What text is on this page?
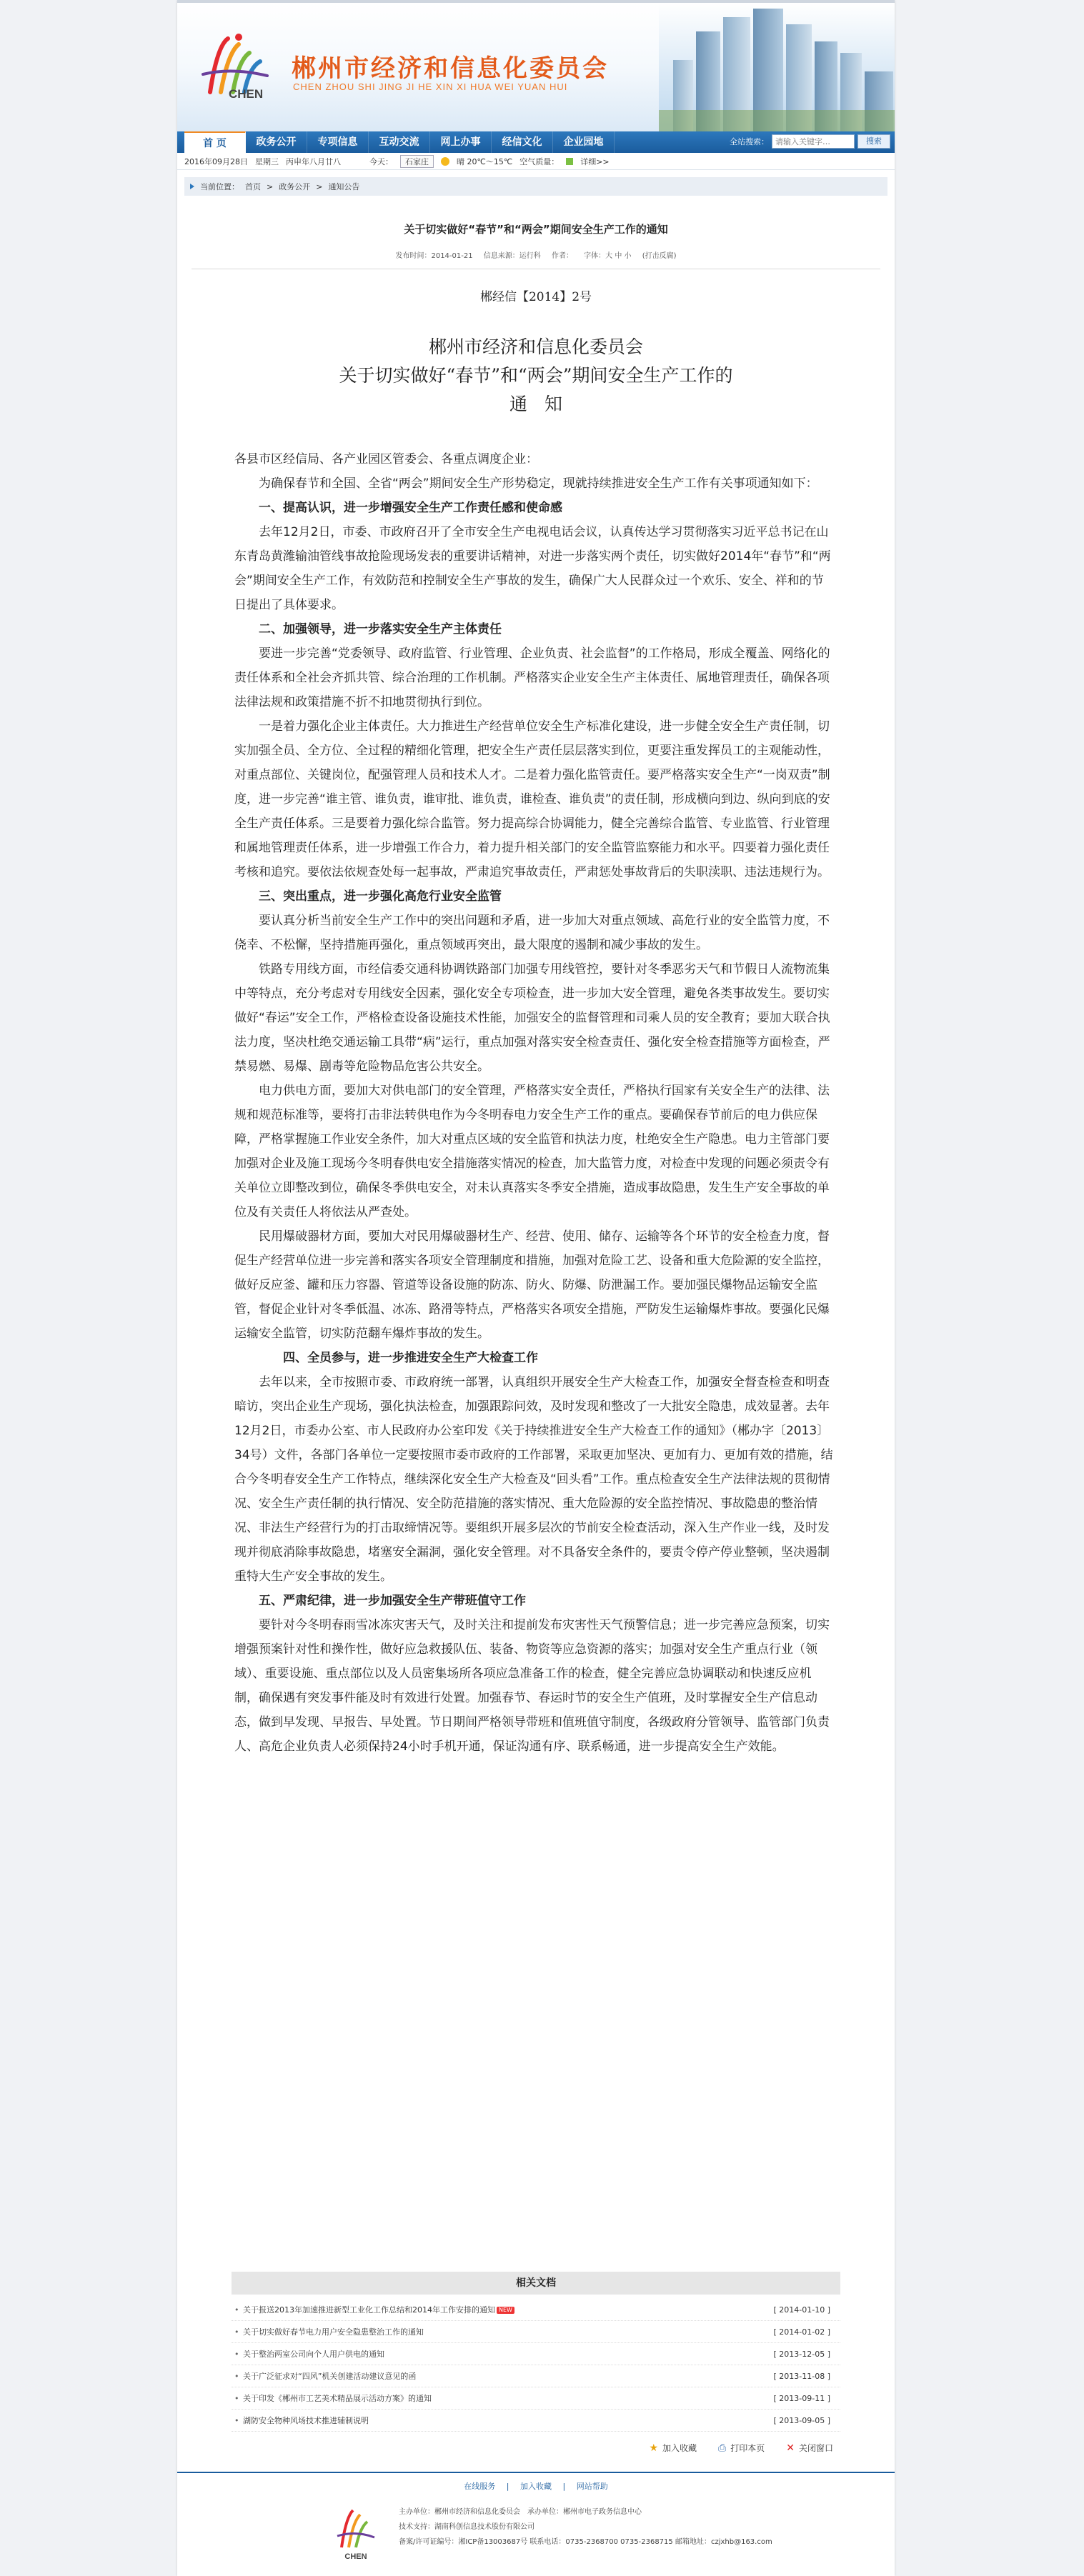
CHEN
郴州市经济和信息化委员会
CHEN ZHOU SHI JING JI HE XIN XI HUA WEI YUAN HUI
首 页	政务公开	专项信息	互动交流	网上办事	经信文化	企业园地	全站搜索：
请输入关键字…	搜索
2016年09月28日 星期三 丙申年八月廿八	今天：	石家庄	晴 20℃～15℃ 空气质量：	详细>>
当前位置： 首页 > 政务公开 > 通知公告
关于切实做好“春节”和“两会”期间安全生产工作的通知
发布时间：2014-01-21 信息来源：运行科 作者： 字体：大 中 小 (打击反腐)
郴经信【2014】2号
郴州市经济和信息化委员会
关于切实做好“春节”和“两会”期间安全生产工作的
通知

各县市区经信局、各产业园区管委会、各重点调度企业：

为确保春节和全国、全省“两会”期间安全生产形势稳定，现就持续推进安全生产工作有关事项通知如下：

一、提高认识，进一步增强安全生产工作责任感和使命感

去年12月2日，市委、市政府召开了全市安全生产电视电话会议，认真传达学习贯彻落实习近平总书记在山东青岛黄潍输油管线事故抢险现场发表的重要讲话精神，对进一步落实两个责任，切实做好2014年“春节”和“两会”期间安全生产工作，有效防范和控制安全生产事故的发生，确保广大人民群众过一个欢乐、安全、祥和的节日提出了具体要求。

二、加强领导，进一步落实安全生产主体责任

要进一步完善“党委领导、政府监管、行业管理、企业负责、社会监督”的工作格局，形成全覆盖、网络化的责任体系和全社会齐抓共管、综合治理的工作机制。严格落实企业安全生产主体责任、属地管理责任，确保各项法律法规和政策措施不折不扣地贯彻执行到位。

一是着力强化企业主体责任。大力推进生产经营单位安全生产标准化建设，进一步健全安全生产责任制，切实加强全员、全方位、全过程的精细化管理，把安全生产责任层层落实到位，更要注重发挥员工的主观能动性，对重点部位、关键岗位，配强管理人员和技术人才。二是着力强化监管责任。要严格落实安全生产“一岗双责”制度，进一步完善“谁主管、谁负责，谁审批、谁负责，谁检查、谁负责”的责任制，形成横向到边、纵向到底的安全生产责任体系。三是要着力强化综合监管。努力提高综合协调能力，健全完善综合监管、专业监管、行业管理和属地管理责任体系，进一步增强工作合力，着力提升相关部门的安全监管监察能力和水平。四要着力强化责任考核和追究。要依法依规查处每一起事故，严肃追究事故责任，严肃惩处事故背后的失职渎职、违法违规行为。

三、突出重点，进一步强化高危行业安全监管

要认真分析当前安全生产工作中的突出问题和矛盾，进一步加大对重点领域、高危行业的安全监管力度，不侥幸、不松懈，坚持措施再强化，重点领域再突出，最大限度的遏制和减少事故的发生。

铁路专用线方面，市经信委交通科协调铁路部门加强专用线管控，要针对冬季恶劣天气和节假日人流物流集中等特点，充分考虑对专用线安全因素，强化安全专项检查，进一步加大安全管理，避免各类事故发生。要切实做好“春运”安全工作，严格检查设备设施技术性能，加强安全的监督管理和司乘人员的安全教育；要加大联合执法力度，坚决杜绝交通运输工具带“病”运行，重点加强对落实安全检查责任、强化安全检查措施等方面检查，严禁易燃、易爆、剧毒等危险物品危害公共安全。

电力供电方面，要加大对供电部门的安全管理，严格落实安全责任，严格执行国家有关安全生产的法律、法规和规范标准等，要将打击非法转供电作为今冬明春电力安全生产工作的重点。要确保春节前后的电力供应保障，严格掌握施工作业安全条件，加大对重点区域的安全监管和执法力度，杜绝安全生产隐患。电力主管部门要加强对企业及施工现场今冬明春供电安全措施落实情况的检查，加大监管力度，对检查中发现的问题必须责令有关单位立即整改到位，确保冬季供电安全，对未认真落实冬季安全措施，造成事故隐患，发生生产安全事故的单位及有关责任人将依法从严查处。

民用爆破器材方面，要加大对民用爆破器材生产、经营、使用、储存、运输等各个环节的安全检查力度，督促生产经营单位进一步完善和落实各项安全管理制度和措施，加强对危险工艺、设备和重大危险源的安全监控，做好反应釜、罐和压力容器、管道等设备设施的防冻、防火、防爆、防泄漏工作。要加强民爆物品运输安全监管，督促企业针对冬季低温、冰冻、路滑等特点，严格落实各项安全措施，严防发生运输爆炸事故。要强化民爆运输安全监管，切实防范翻车爆炸事故的发生。

四、全员参与，进一步推进安全生产大检查工作

去年以来，全市按照市委、市政府统一部署，认真组织开展安全生产大检查工作，加强安全督查检查和明查暗访，突出企业生产现场，强化执法检查，加强跟踪问效，及时发现和整改了一大批安全隐患，成效显著。去年12月2日，市委办公室、市人民政府办公室印发《关于持续推进安全生产大检查工作的通知》（郴办字〔2013〕34号）文件，各部门各单位一定要按照市委市政府的工作部署，采取更加坚决、更加有力、更加有效的措施，结合今冬明春安全生产工作特点，继续深化安全生产大检查及“回头看”工作。重点检查安全生产法律法规的贯彻情况、安全生产责任制的执行情况、安全防范措施的落实情况、重大危险源的安全监控情况、事故隐患的整治情况、非法生产经营行为的打击取缔情况等。要组织开展多层次的节前安全检查活动，深入生产作业一线，及时发现并彻底消除事故隐患，堵塞安全漏洞，强化安全管理。对不具备安全条件的，要责令停产停业整顿，坚决遏制重特大生产安全事故的发生。

五、严肃纪律，进一步加强安全生产带班值守工作

要针对今冬明春雨雪冰冻灾害天气，及时关注和提前发布灾害性天气预警信息；进一步完善应急预案，切实增强预案针对性和操作性，做好应急救援队伍、装备、物资等应急资源的落实；加强对安全生产重点行业（领域）、重要设施、重点部位以及人员密集场所各项应急准备工作的检查，健全完善应急协调联动和快速反应机制，确保遇有突发事件能及时有效进行处置。加强春节、春运时节的安全生产值班，及时掌握安全生产信息动态，做到早发现、早报告、早处置。节日期间严格领导带班和值班值守制度，各级政府分管领导、监管部门负责人、高危企业负责人必须保持24小时手机开通，保证沟通有序、联系畅通，进一步提高安全生产效能。

相关文档
• 关于报送2013年加速推进新型工业化工作总结和2014年工作安排的通知 NEW	[ 2014-01-10 ]
• 关于切实做好春节电力用户安全隐患整治工作的通知	[ 2014-01-02 ]
• 关于整治两室公司向个人用户供电的通知	[ 2013-12-05 ]
• 关于广泛征求对“四风”机关创建活动建议意见的函	[ 2013-11-08 ]
• 关于印发《郴州市工艺美术精品展示活动方案》的通知	[ 2013-09-11 ]
• 湖防安全物种风场技术推进辅制说明	[ 2013-09-05 ]
★ 加入收藏 ⎙ 打印本页 ✕ 关闭窗口
在线服务 | 加入收藏 | 网站帮助
CHEN
主办单位：郴州市经济和信息化委员会　承办单位：郴州市电子政务信息中心
技术支持：湖南科创信息技术股份有限公司
备案/许可证编号：湘ICP备13003687号 联系电话：0735-2368700 0735-2368715 邮箱地址：czjxhb@163.com
